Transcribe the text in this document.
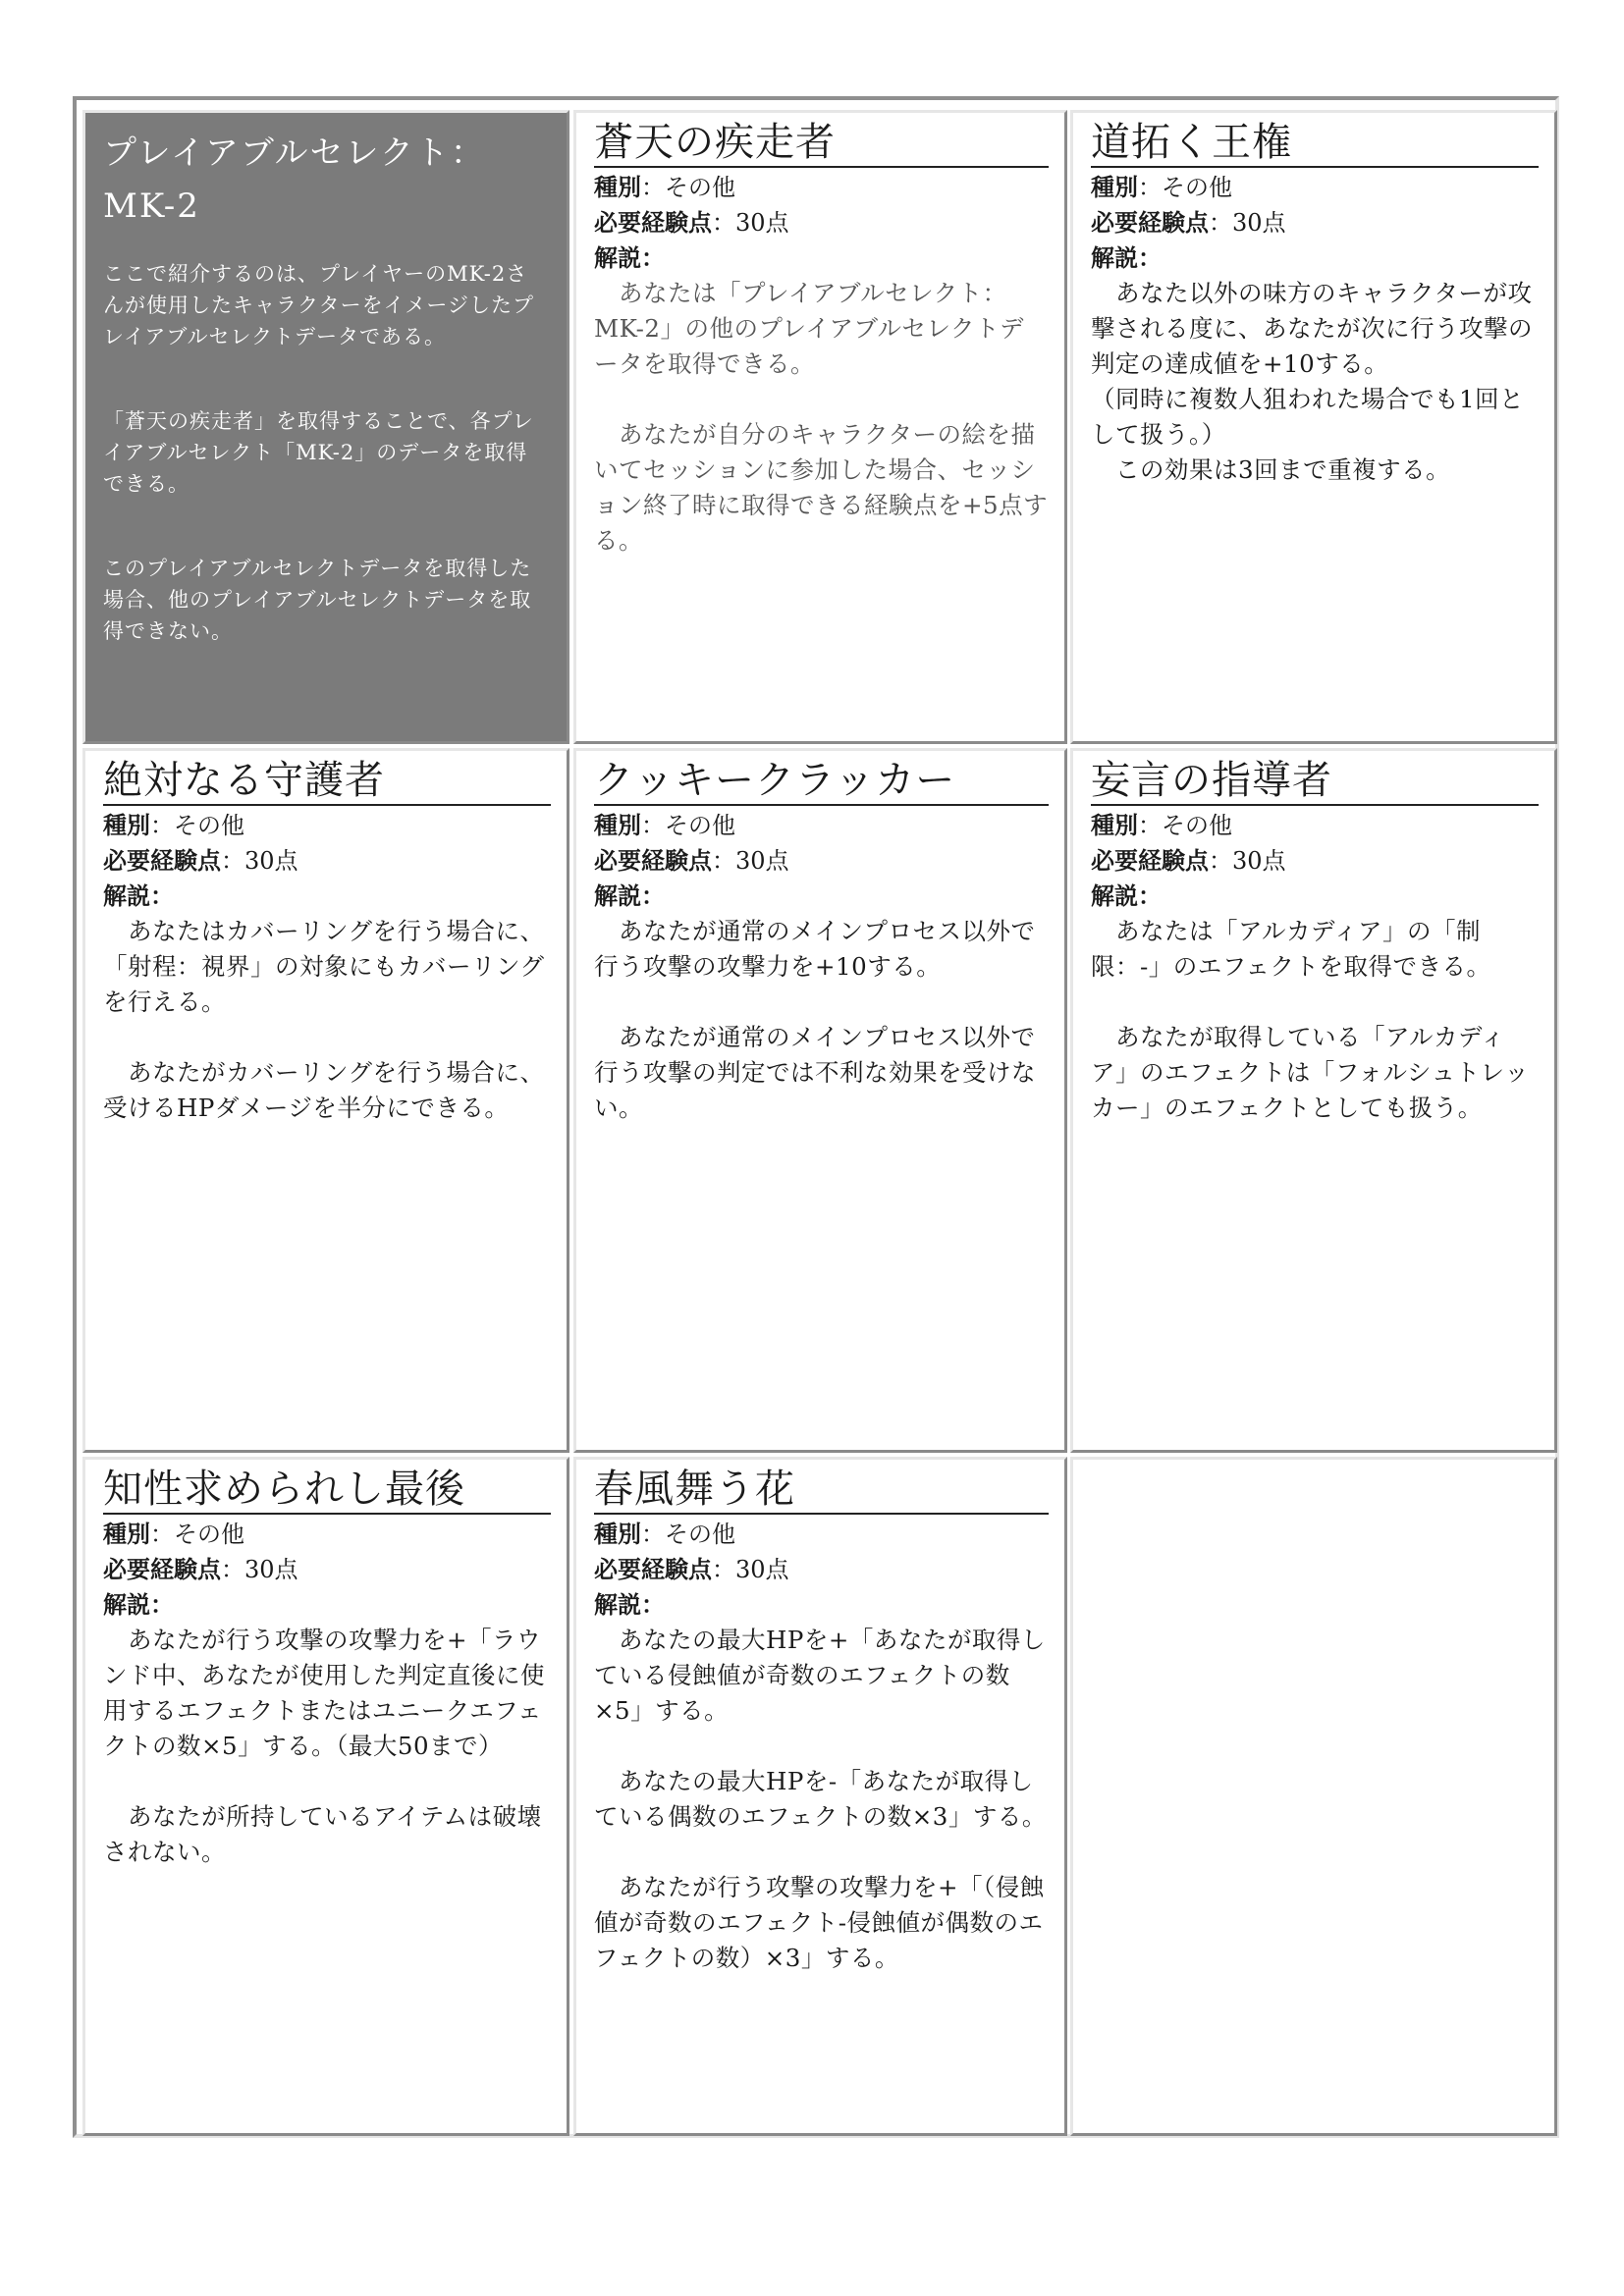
プレイアブルセレクト：
MK-2

ここで紹介するのは、プレイヤーのMK-2さんが使用したキャラクターをイメージしたプレイアブルセレクトデータである。

「蒼天の疾走者」を取得することで、各プレイアブルセレクト「MK-2」のデータを取得できる。

このプレイアブルセレクトデータを取得した場合、他のプレイアブルセレクトデータを取得できない。

蒼天の疾走者

種別：その他

必要経験点：30点

解説：

　あなたは「プレイアブルセレクト：MK-2」の他のプレイアブルセレクトデータを取得できる。
　あなたが自分のキャラクターの絵を描いてセッションに参加した場合、セッション終了時に取得できる経験点を+5点する。
道拓く王権

種別：その他

必要経験点：30点

解説：

　あなた以外の味方のキャラクターが攻撃される度に、あなたが次に行う攻撃の判定の達成値を+10する。
（同時に複数人狙われた場合でも1回として扱う。）
　この効果は3回まで重複する。
絶対なる守護者

種別：その他

必要経験点：30点

解説：

　あなたはカバーリングを行う場合に、「射程：視界」の対象にもカバーリングを行える。
　あなたがカバーリングを行う場合に、受けるHPダメージを半分にできる。
クッキークラッカー

種別：その他

必要経験点：30点

解説：

　あなたが通常のメインプロセス以外で行う攻撃の攻撃力を+10する。
　あなたが通常のメインプロセス以外で行う攻撃の判定では不利な効果を受けない。
妄言の指導者

種別：その他

必要経験点：30点

解説：

　あなたは「アルカディア」の「制限：-」のエフェクトを取得できる。
　あなたが取得している「アルカディア」のエフェクトは「フォルシュトレッカー」のエフェクトとしても扱う。
知性求められし最後

種別：その他

必要経験点：30点

解説：

　あなたが行う攻撃の攻撃力を+「ラウンド中、あなたが使用した判定直後に使用するエフェクトまたはユニークエフェクトの数×5」する。（最大50まで）
　あなたが所持しているアイテムは破壊されない。
春風舞う花

種別：その他

必要経験点：30点

解説：

　あなたの最大HPを+「あなたが取得している侵蝕値が奇数のエフェクトの数×5」する。
　あなたの最大HPを-「あなたが取得している偶数のエフェクトの数×3」する。
　あなたが行う攻撃の攻撃力を+「（侵蝕値が奇数のエフェクト-侵蝕値が偶数のエフェクトの数）×3」する。
